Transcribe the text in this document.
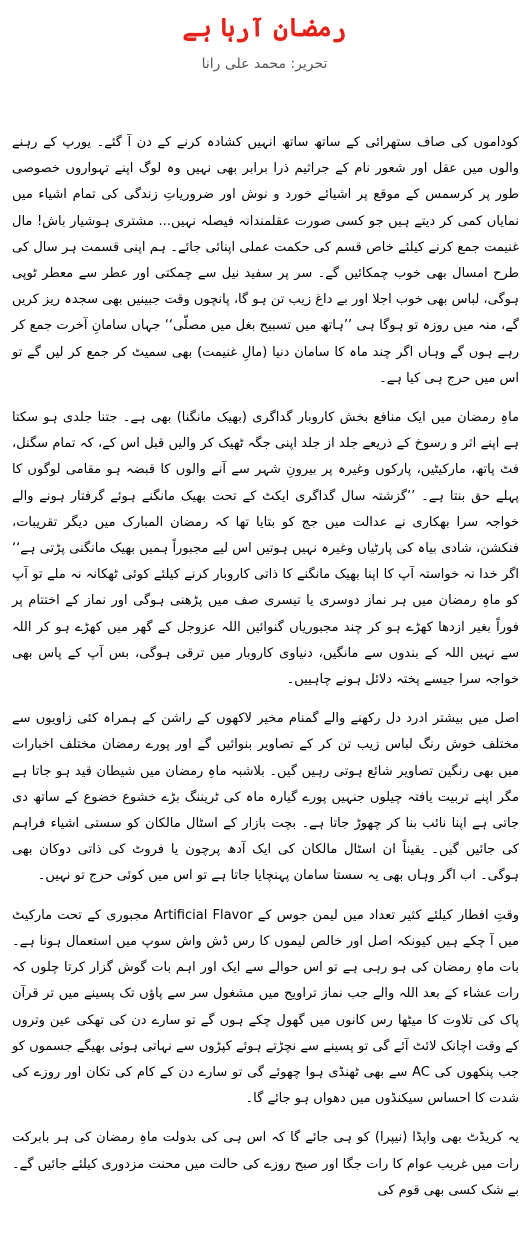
رمضان آرہا ہے
تحریر: محمد علی رانا

کوداموں کی صاف ستھرائی کے ساتھ ساتھ انہیں کشادہ کرنے کے دن آ گئے۔ یورپ کے رہنے والوں میں عقل اور شعور نام کے جراثیم ذرا برابر بھی نہیں وہ لوگ اپنے تہواروں خصوصی طور پر کرسمس کے موقع پر اشیائے خورد و نوش اور ضروریاتِ زندگی کی تمام اشیاء میں نمایاں کمی کر دیتے ہیں جو کسی صورت عقلمندانہ فیصلہ نہیں... مشتری ہوشیار باش! مال غنیمت جمع کرنے کیلئے خاص قسم کی حکمت عملی اپنائی جائے۔ ہم اپنی قسمت ہر سال کی طرح امسال بھی خوب چمکائیں گے۔ سر پر سفید نیل سے چمکتی اور عطر سے معطر ٹوپی ہوگی، لباس بھی خوب اجلا اور بے داغ زیب تن ہو گا، پانچوں وقت جبینیں بھی سجدہ ریز کریں گے، منہ میں روزہ تو ہوگا ہی ’’ہاتھ میں تسبیح بغل میں مصلّی‘‘ جہاں سامانِ آخرت جمع کر رہے ہوں گے وہاں اگر چند ماہ کا سامان دنیا (مالِ غنیمت) بھی سمیٹ کر جمع کر لیں گے تو اس میں حرج ہی کیا ہے۔

ماہِ رمضان میں ایک منافع بخش کاروبار گداگری (بھیک مانگنا) بھی ہے۔ جتنا جلدی ہو سکتا ہے اپنے اثر و رسوخ کے ذریعے جلد از جلد اپنی جگہ ٹھیک کر والیں قبل اس کے، کہ تمام سگنل، فٹ پاتھ، مارکیٹیں، پارکوں وغیرہ پر بیرونِ شہر سے آنے والوں کا قبضہ ہو مقامی لوگوں کا پہلے حق بنتا ہے۔ ’’گزشتہ سال گداگری ایکٹ کے تحت بھیک مانگنے ہوئے گرفتار ہونے والے خواجہ سرا بھکاری نے عدالت میں جج کو بتایا تھا کہ رمضان المبارک میں دیگر تقریبات، فنکشن، شادی بیاہ کی پارٹیاں وغیرہ نہیں ہوتیں اس لیے مجبوراً ہمیں بھیک مانگنی پڑتی ہے‘‘ اگر خدا نہ خواستہ آپ کا اپنا بھیک مانگنے کا ذاتی کاروبار کرنے کیلئے کوئی ٹھکانہ نہ ملے تو آپ کو ماہِ رمضان میں ہر نماز دوسری یا تیسری صف میں پڑھنی ہوگی اور نماز کے اختتام پر فوراً بغیر ازدھا کھڑے ہو کر چند مجبوریاں گنوائیں اللہ عزوجل کے گھر میں کھڑے ہو کر اللہ سے نہیں اللہ کے بندوں سے مانگیں، دنیاوی کاروبار میں ترقی ہوگی، بس آپ کے پاس بھی خواجہ سرا جیسے پختہ دلائل ہونے چاہییں۔

اصل میں بیشتر ادرد دل رکھنے والے گمنام مخیر لاکھوں کے راشن کے ہمراہ کئی زاویوں سے مختلف خوش رنگ لباس زیب تن کر کے تصاویر بنوائیں گے اور پورے رمضان مختلف اخبارات میں بھی رنگین تصاویر شائع ہوتی رہیں گیں۔ بلاشبہ ماہِ رمضان میں شیطان قید ہو جاتا ہے مگر اپنے تربیت یافتہ چیلوں جنہیں پورے گیارہ ماہ کی ٹریننگ بڑے خشوع خضوع کے ساتھ دی جاتی ہے اپنا نائب بنا کر چھوڑ جاتا ہے۔ بچت بازار کے اسٹال مالکان کو سستی اشیاء فراہم کی جائیں گیں۔ یقیناً ان اسٹال مالکان کی ایک آدھ پرچون یا فروٹ کی ذاتی دوکان بھی ہوگی۔ اب اگر وہاں بھی یہ سستا سامان پہنچایا جاتا ہے تو اس میں کوئی حرج تو نہیں۔

وقتِ افطار کیلئے کثیر تعداد میں لیمن جوس کے Artificial Flavor مجبوری کے تحت مارکیٹ میں آ چکے ہیں کیونکہ اصل اور خالص لیموں کا رس ڈش واش سوپ میں استعمال ہونا ہے۔ بات ماہِ رمضان کی ہو رہی ہے تو اس حوالے سے ایک اور اہم بات گوش گزار کرتا چلوں کہ رات عشاء کے بعد اللہ والے جب نماز تراویح میں مشغول سر سے پاؤں تک پسینے میں تر قرآن پاک کی تلاوت کا میٹھا رس کانوں میں گھول چکے ہوں گے تو سارے دن کی تھکی عین وترو‌ں کے وقت اچانک لائٹ آئے گی تو پسینے سے نچڑتے ہوئے کپڑوں سے نہاتی ہوئی بھیگے جسموں کو جب پنکھوں کی AC سے بھی ٹھنڈی ہوا چھوئے گی تو سارے دن کے کام کی تکان اور روزے کی شدت کا احساس سیکنڈوں میں دھواں ہو جائے گا۔

یہ کریڈٹ بھی واپڈا (نیپرا) کو ہی جائے گا کہ اس ہی کی بدولت ماہِ رمضان کی ہر بابرکت رات میں غریب عوام کا رات جگا اور صبح روزے کی حالت میں محنت مزدوری کیلئے جائیں گے۔ بے شک کسی بھی قوم کی
